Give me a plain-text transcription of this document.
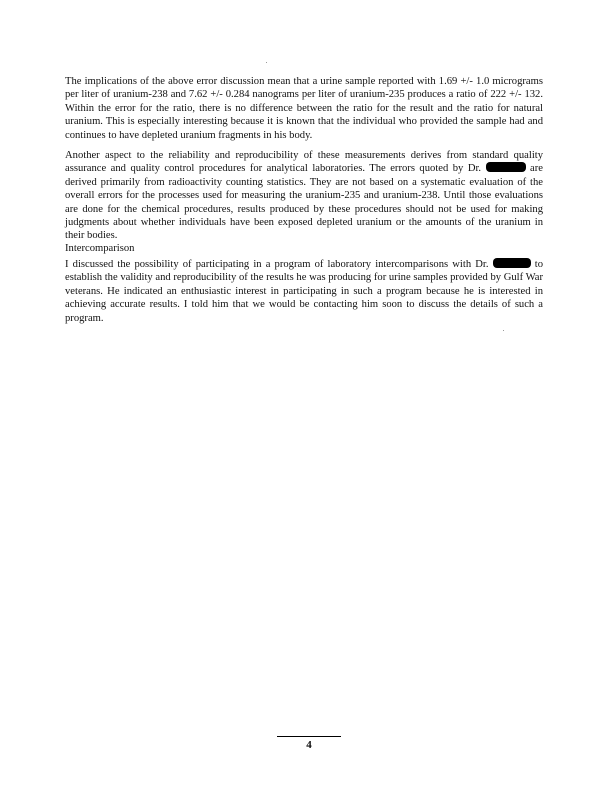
The implications of the above error discussion mean that a urine sample reported with 1.69 +/- 1.0 micrograms per liter of uranium-238 and 7.62 +/- 0.284 nanograms per liter of uranium-235 produces a ratio of 222 +/- 132. Within the error for the ratio, there is no difference between the ratio for the result and the ratio for natural uranium. This is especially interesting because it is known that the individual who provided the sample had and continues to have depleted uranium fragments in his body.

Another aspect to the reliability and reproducibility of these measurements derives from standard quality assurance and quality control procedures for analytical laboratories. The errors quoted by Dr.	are derived primarily from radioactivity counting statistics. They are not based on a systematic evaluation of the overall errors for the processes used for measuring the uranium-235 and uranium-238. Until those evaluations are done for the chemical procedures, results produced by these procedures should not be used for making judgments about whether individuals have been exposed depleted uranium or the amounts of the uranium in their bodies.

Intercomparison

I discussed the possibility of participating in a program of laboratory intercomparisons with Dr.	to establish the validity and reproducibility of the results he was producing for urine samples provided by Gulf War veterans. He indicated an enthusiastic interest in participating in such a program because he is interested in achieving accurate results. I told him that we would be contacting him soon to discuss the details of such a program.

4
